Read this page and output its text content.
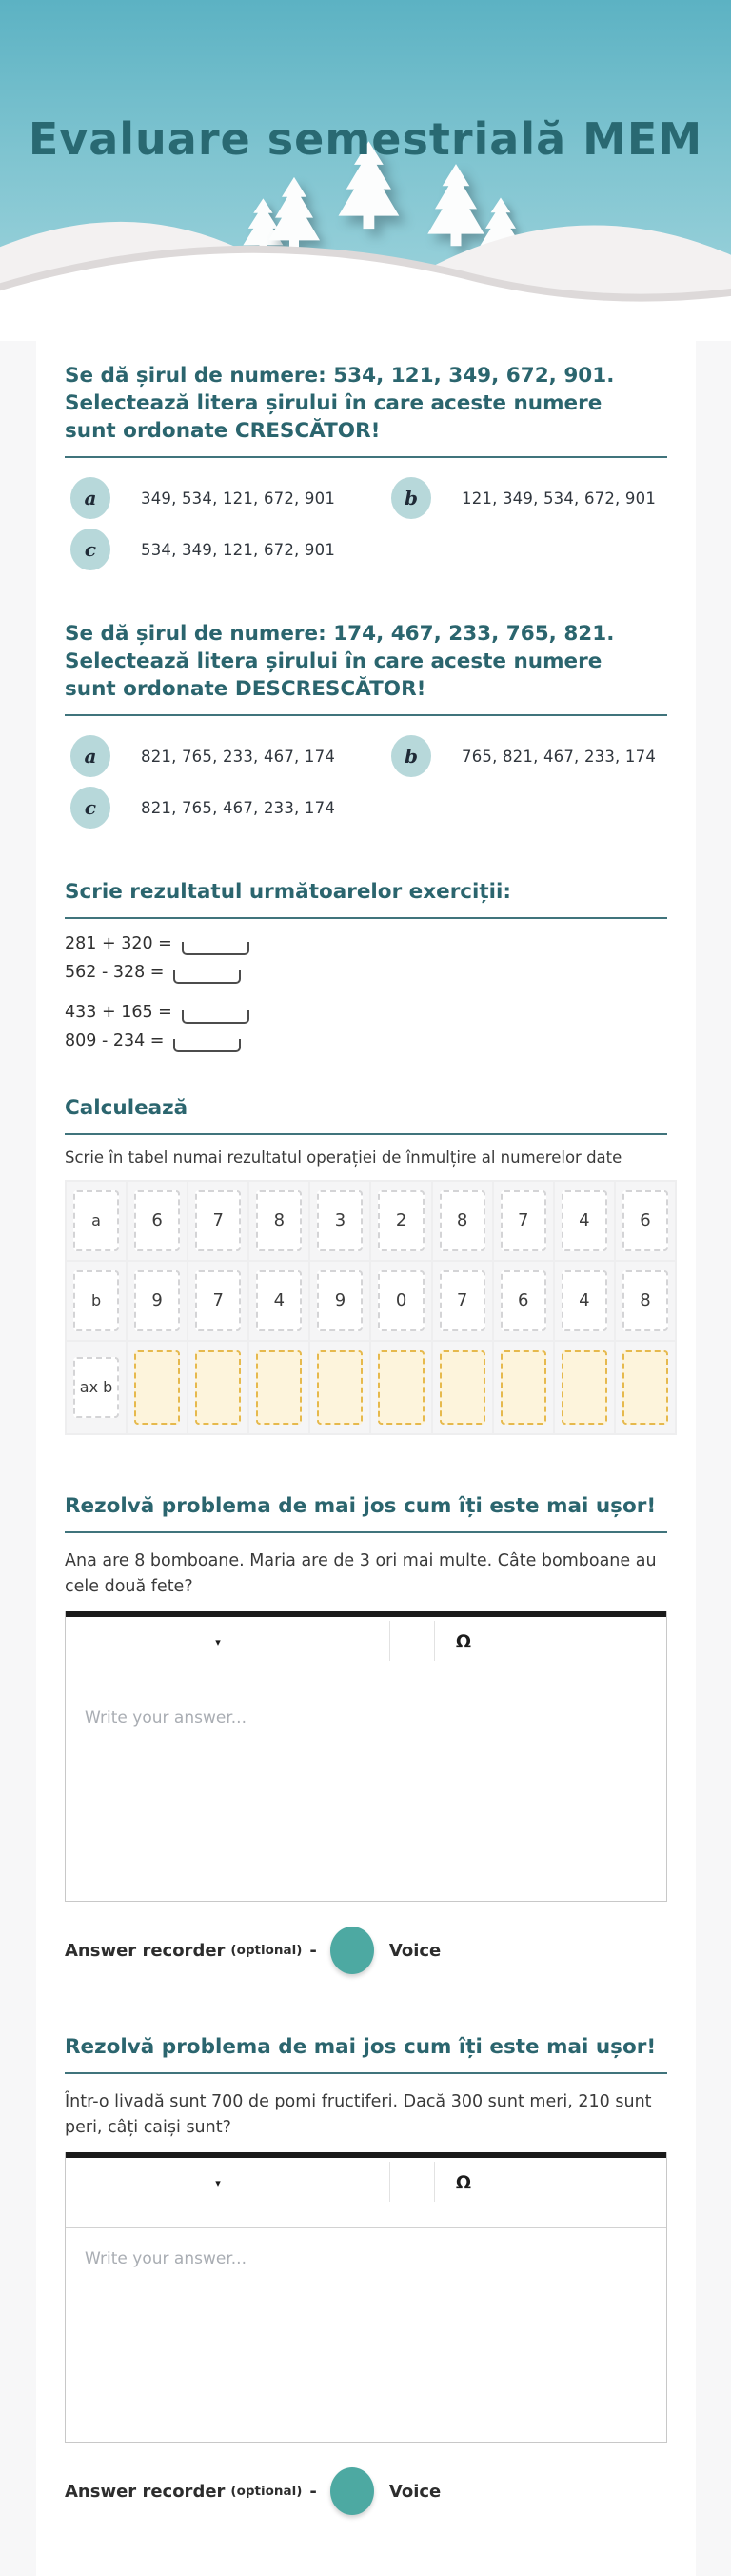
Evaluare semestrială MEM
Se dă șirul de numere: 534, 121, 349, 672, 901.
Selectează litera șirului în care aceste numere sunt ordonate CRESCĂTOR!
a	349, 534, 121, 672, 901	b	121, 349, 534, 672, 901
c	534, 349, 121, 672, 901
Se dă șirul de numere: 174, 467, 233, 765, 821.
Selectează litera șirului în care aceste numere sunt ordonate DESCRESCĂTOR!
a	821, 765, 233, 467, 174	b	765, 821, 467, 233, 174
c	821, 765, 467, 233, 174
Scrie rezultatul următoarelor exerciții:
281 + 320 =
562 - 328 =
433 + 165 =
809 - 234 =
Calculează
Scrie în tabel numai rezultatul operației de înmulțire al numerelor date
a	6	7	8	3	2	8	7	4	6
b	9	7	4	9	0	7	6	4	8
ax b
Rezolvă problema de mai jos cum îți este mai ușor!
Ana are 8 bomboane. Maria are de 3 ori mai multe. Câte bomboane au cele două fete?
▾	Ω
Write your answer...
Answer recorder (optional) -	Voice
Rezolvă problema de mai jos cum îți este mai ușor!
Într-o livadă sunt 700 de pomi fructiferi. Dacă 300 sunt meri, 210 sunt peri, câți caiși sunt?
▾	Ω
Write your answer...
Answer recorder (optional) -	Voice
